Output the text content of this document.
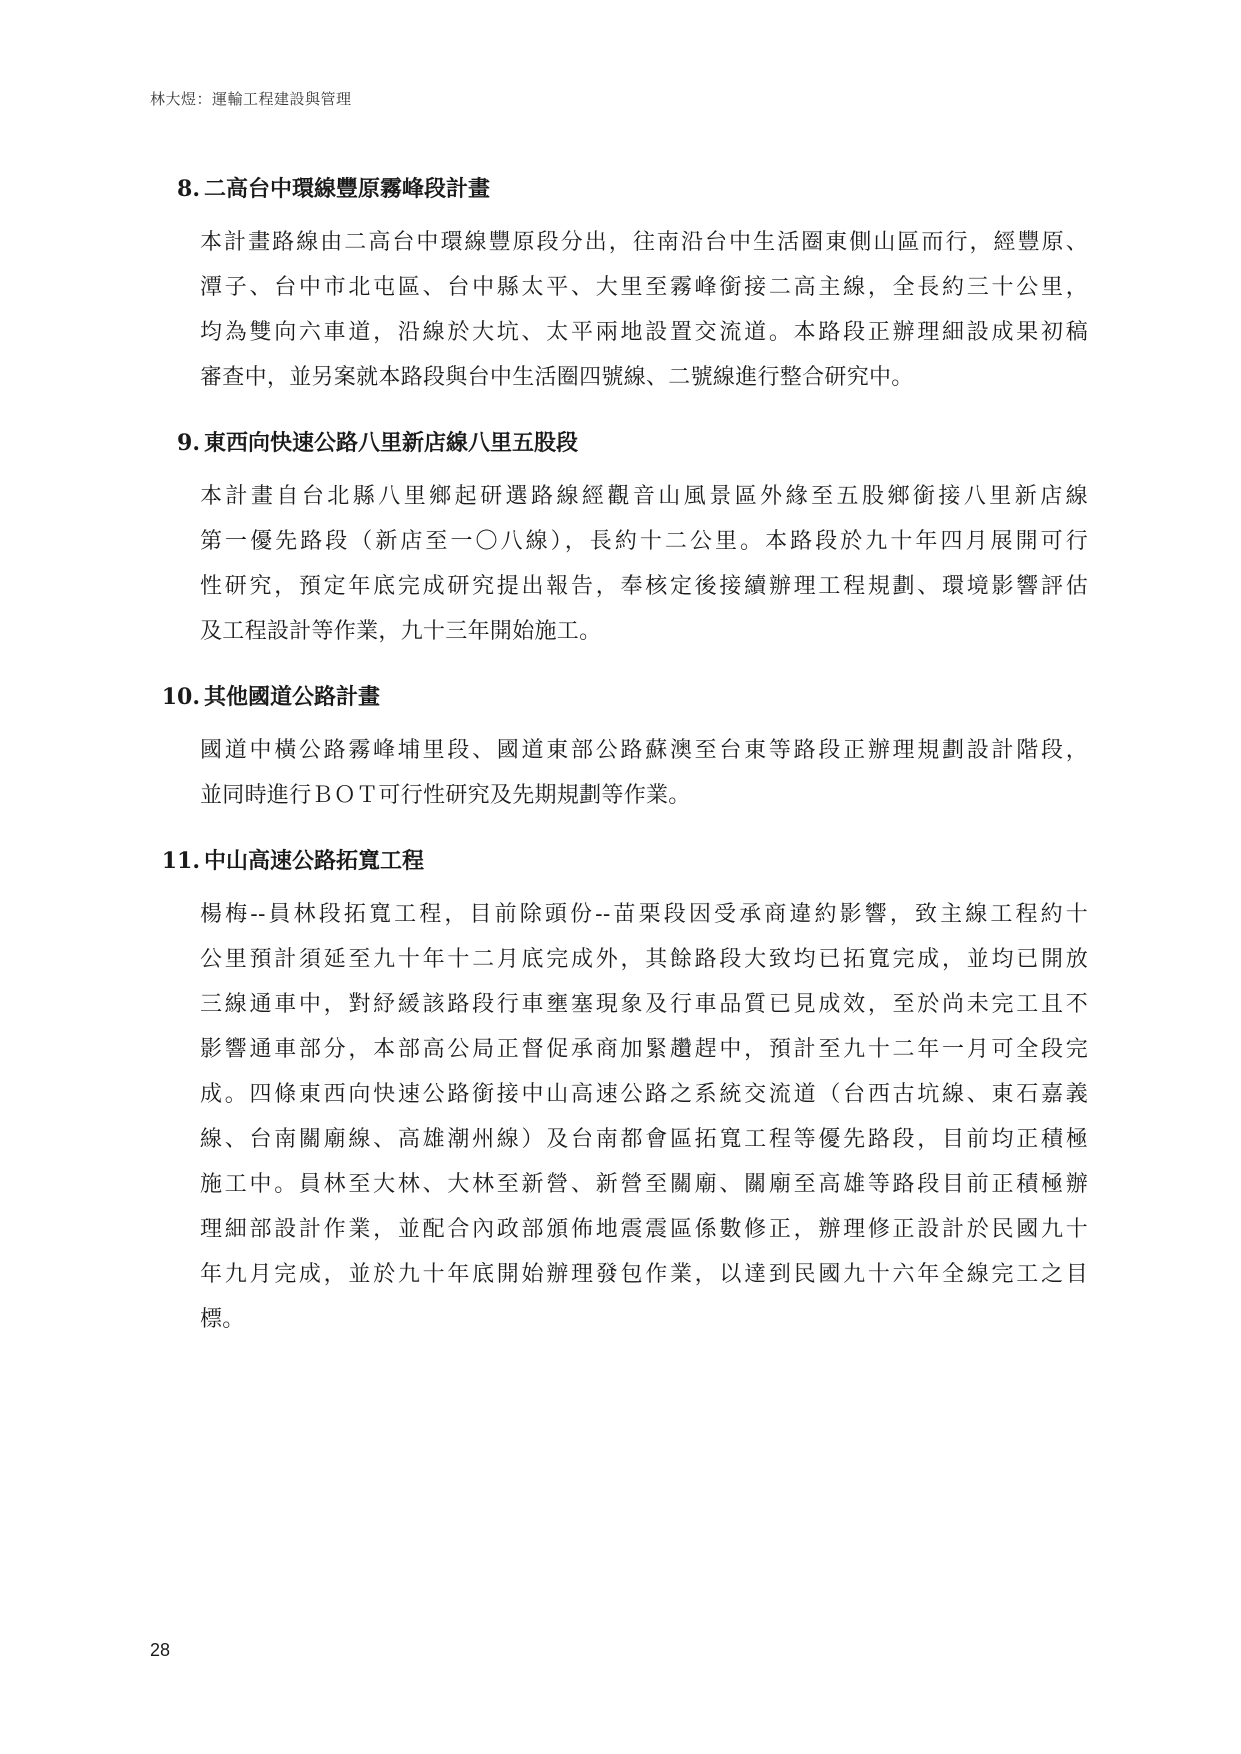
林大煜：運輸工程建設與管理
8. 二高台中環線豐原霧峰段計畫
本計畫路線由二高台中環線豐原段分出，往南沿台中生活圈東側山區而行，經豐原、
潭子、台中市北屯區、台中縣太平、大里至霧峰銜接二高主線，全長約三十公里，
均為雙向六車道，沿線於大坑、太平兩地設置交流道。本路段正辦理細設成果初稿
審查中，並另案就本路段與台中生活圈四號線、二號線進行整合研究中。
9. 東西向快速公路八里新店線八里五股段
本計畫自台北縣八里鄉起研選路線經觀音山風景區外緣至五股鄉銜接八里新店線
第一優先路段（新店至一〇八線），長約十二公里。本路段於九十年四月展開可行
性研究，預定年底完成研究提出報告，奉核定後接續辦理工程規劃、環境影響評估
及工程設計等作業，九十三年開始施工。
10. 其他國道公路計畫
國道中橫公路霧峰埔里段、國道東部公路蘇澳至台東等路段正辦理規劃設計階段，
並同時進行ＢＯＴ可行性研究及先期規劃等作業。
11. 中山高速公路拓寬工程
楊梅--員林段拓寬工程，目前除頭份--苗栗段因受承商違約影響，致主線工程約十
公里預計須延至九十年十二月底完成外，其餘路段大致均已拓寬完成，並均已開放
三線通車中，對紓緩該路段行車壅塞現象及行車品質已見成效，至於尚未完工且不
影響通車部分，本部高公局正督促承商加緊趲趕中，預計至九十二年一月可全段完
成。四條東西向快速公路銜接中山高速公路之系統交流道（台西古坑線、東石嘉義
線、台南關廟線、高雄潮州線）及台南都會區拓寬工程等優先路段，目前均正積極
施工中。員林至大林、大林至新營、新營至關廟、關廟至高雄等路段目前正積極辦
理細部設計作業，並配合內政部頒佈地震震區係數修正，辦理修正設計於民國九十
年九月完成，並於九十年底開始辦理發包作業，以達到民國九十六年全線完工之目
標。
28
